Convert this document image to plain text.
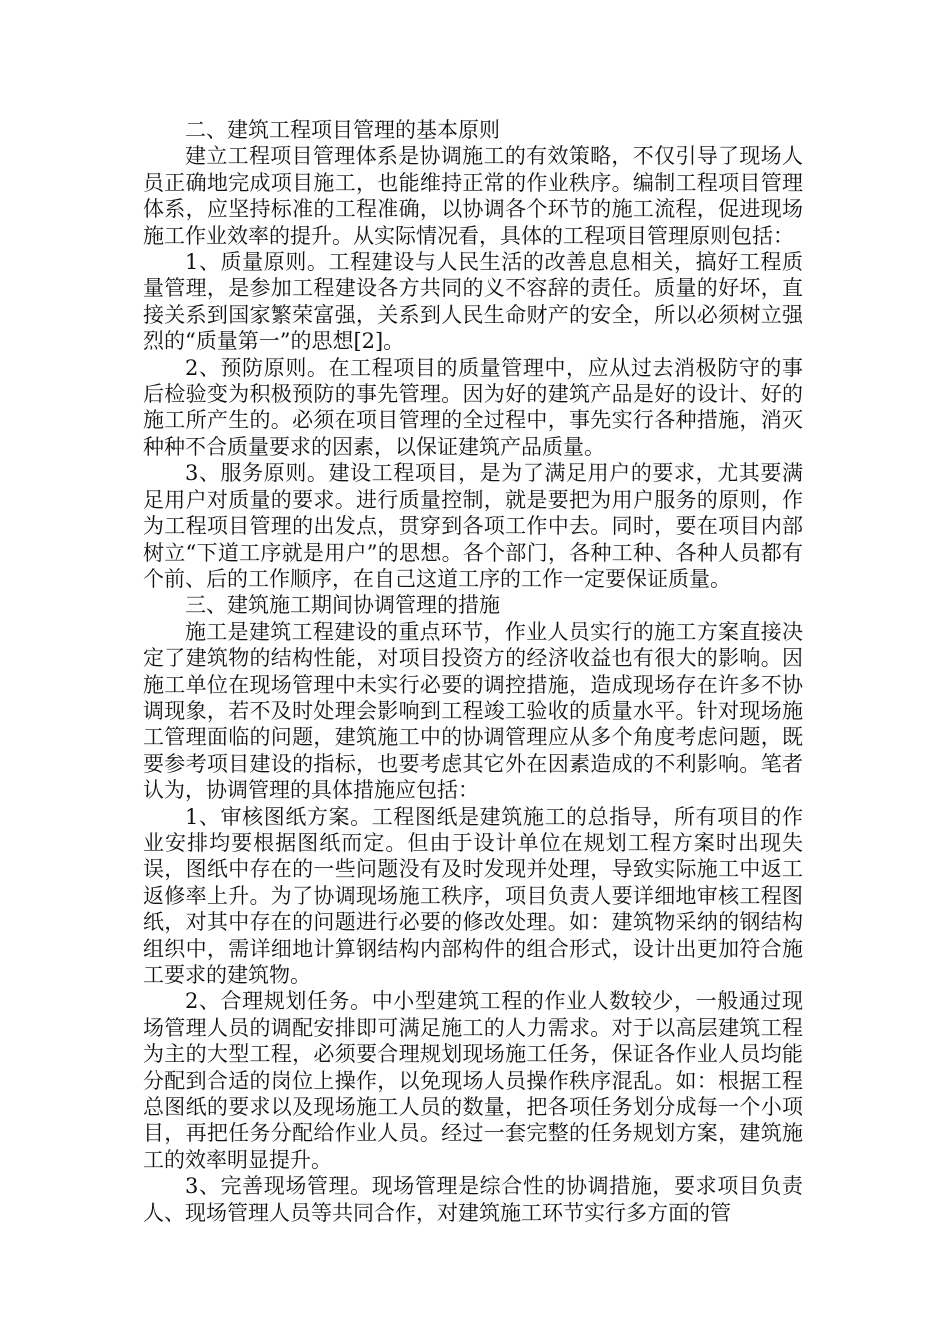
二、建筑工程项目管理的基本原则

建立工程项目管理体系是协调施工的有效策略，不仅引导了现场人员正确地完成项目施工，也能维持正常的作业秩序。编制工程项目管理体系，应坚持标准的工程准确，以协调各个环节的施工流程，促进现场施工作业效率的提升。从实际情况看，具体的工程项目管理原则包括：

1、质量原则。工程建设与人民生活的改善息息相关，搞好工程质量管理，是参加工程建设各方共同的义不容辞的责任。质量的好坏，直接关系到国家繁荣富强，关系到人民生命财产的安全，所以必须树立强烈的“质量第一”的思想[2]。

2、预防原则。在工程项目的质量管理中，应从过去消极防守的事后检验变为积极预防的事先管理。因为好的建筑产品是好的设计、好的施工所产生的。必须在项目管理的全过程中，事先实行各种措施，消灭种种不合质量要求的因素，以保证建筑产品质量。

3、服务原则。建设工程项目，是为了满足用户的要求，尤其要满足用户对质量的要求。进行质量控制，就是要把为用户服务的原则，作为工程项目管理的出发点，贯穿到各项工作中去。同时，要在项目内部树立“下道工序就是用户”的思想。各个部门，各种工种、各种人员都有个前、后的工作顺序，在自己这道工序的工作一定要保证质量。

三、建筑施工期间协调管理的措施

施工是建筑工程建设的重点环节，作业人员实行的施工方案直接决定了建筑物的结构性能，对项目投资方的经济收益也有很大的影响。因施工单位在现场管理中未实行必要的调控措施，造成现场存在许多不协调现象，若不及时处理会影响到工程竣工验收的质量水平。针对现场施工管理面临的问题，建筑施工中的协调管理应从多个角度考虑问题，既要参考项目建设的指标，也要考虑其它外在因素造成的不利影响。笔者认为，协调管理的具体措施应包括：

1、审核图纸方案。工程图纸是建筑施工的总指导，所有项目的作业安排均要根据图纸而定。但由于设计单位在规划工程方案时出现失误，图纸中存在的一些问题没有及时发现并处理，导致实际施工中返工返修率上升。为了协调现场施工秩序，项目负责人要详细地审核工程图纸，对其中存在的问题进行必要的修改处理。如：建筑物采纳的钢结构组织中，需详细地计算钢结构内部构件的组合形式，设计出更加符合施工要求的建筑物。

2、合理规划任务。中小型建筑工程的作业人数较少，一般通过现场管理人员的调配安排即可满足施工的人力需求。对于以高层建筑工程为主的大型工程，必须要合理规划现场施工任务，保证各作业人员均能分配到合适的岗位上操作，以免现场人员操作秩序混乱。如：根据工程总图纸的要求以及现场施工人员的数量，把各项任务划分成每一个小项目，再把任务分配给作业人员。经过一套完整的任务规划方案，建筑施工的效率明显提升。

3、完善现场管理。现场管理是综合性的协调措施，要求项目负责人、现场管理人员等共同合作，对建筑施工环节实行多方面的管
